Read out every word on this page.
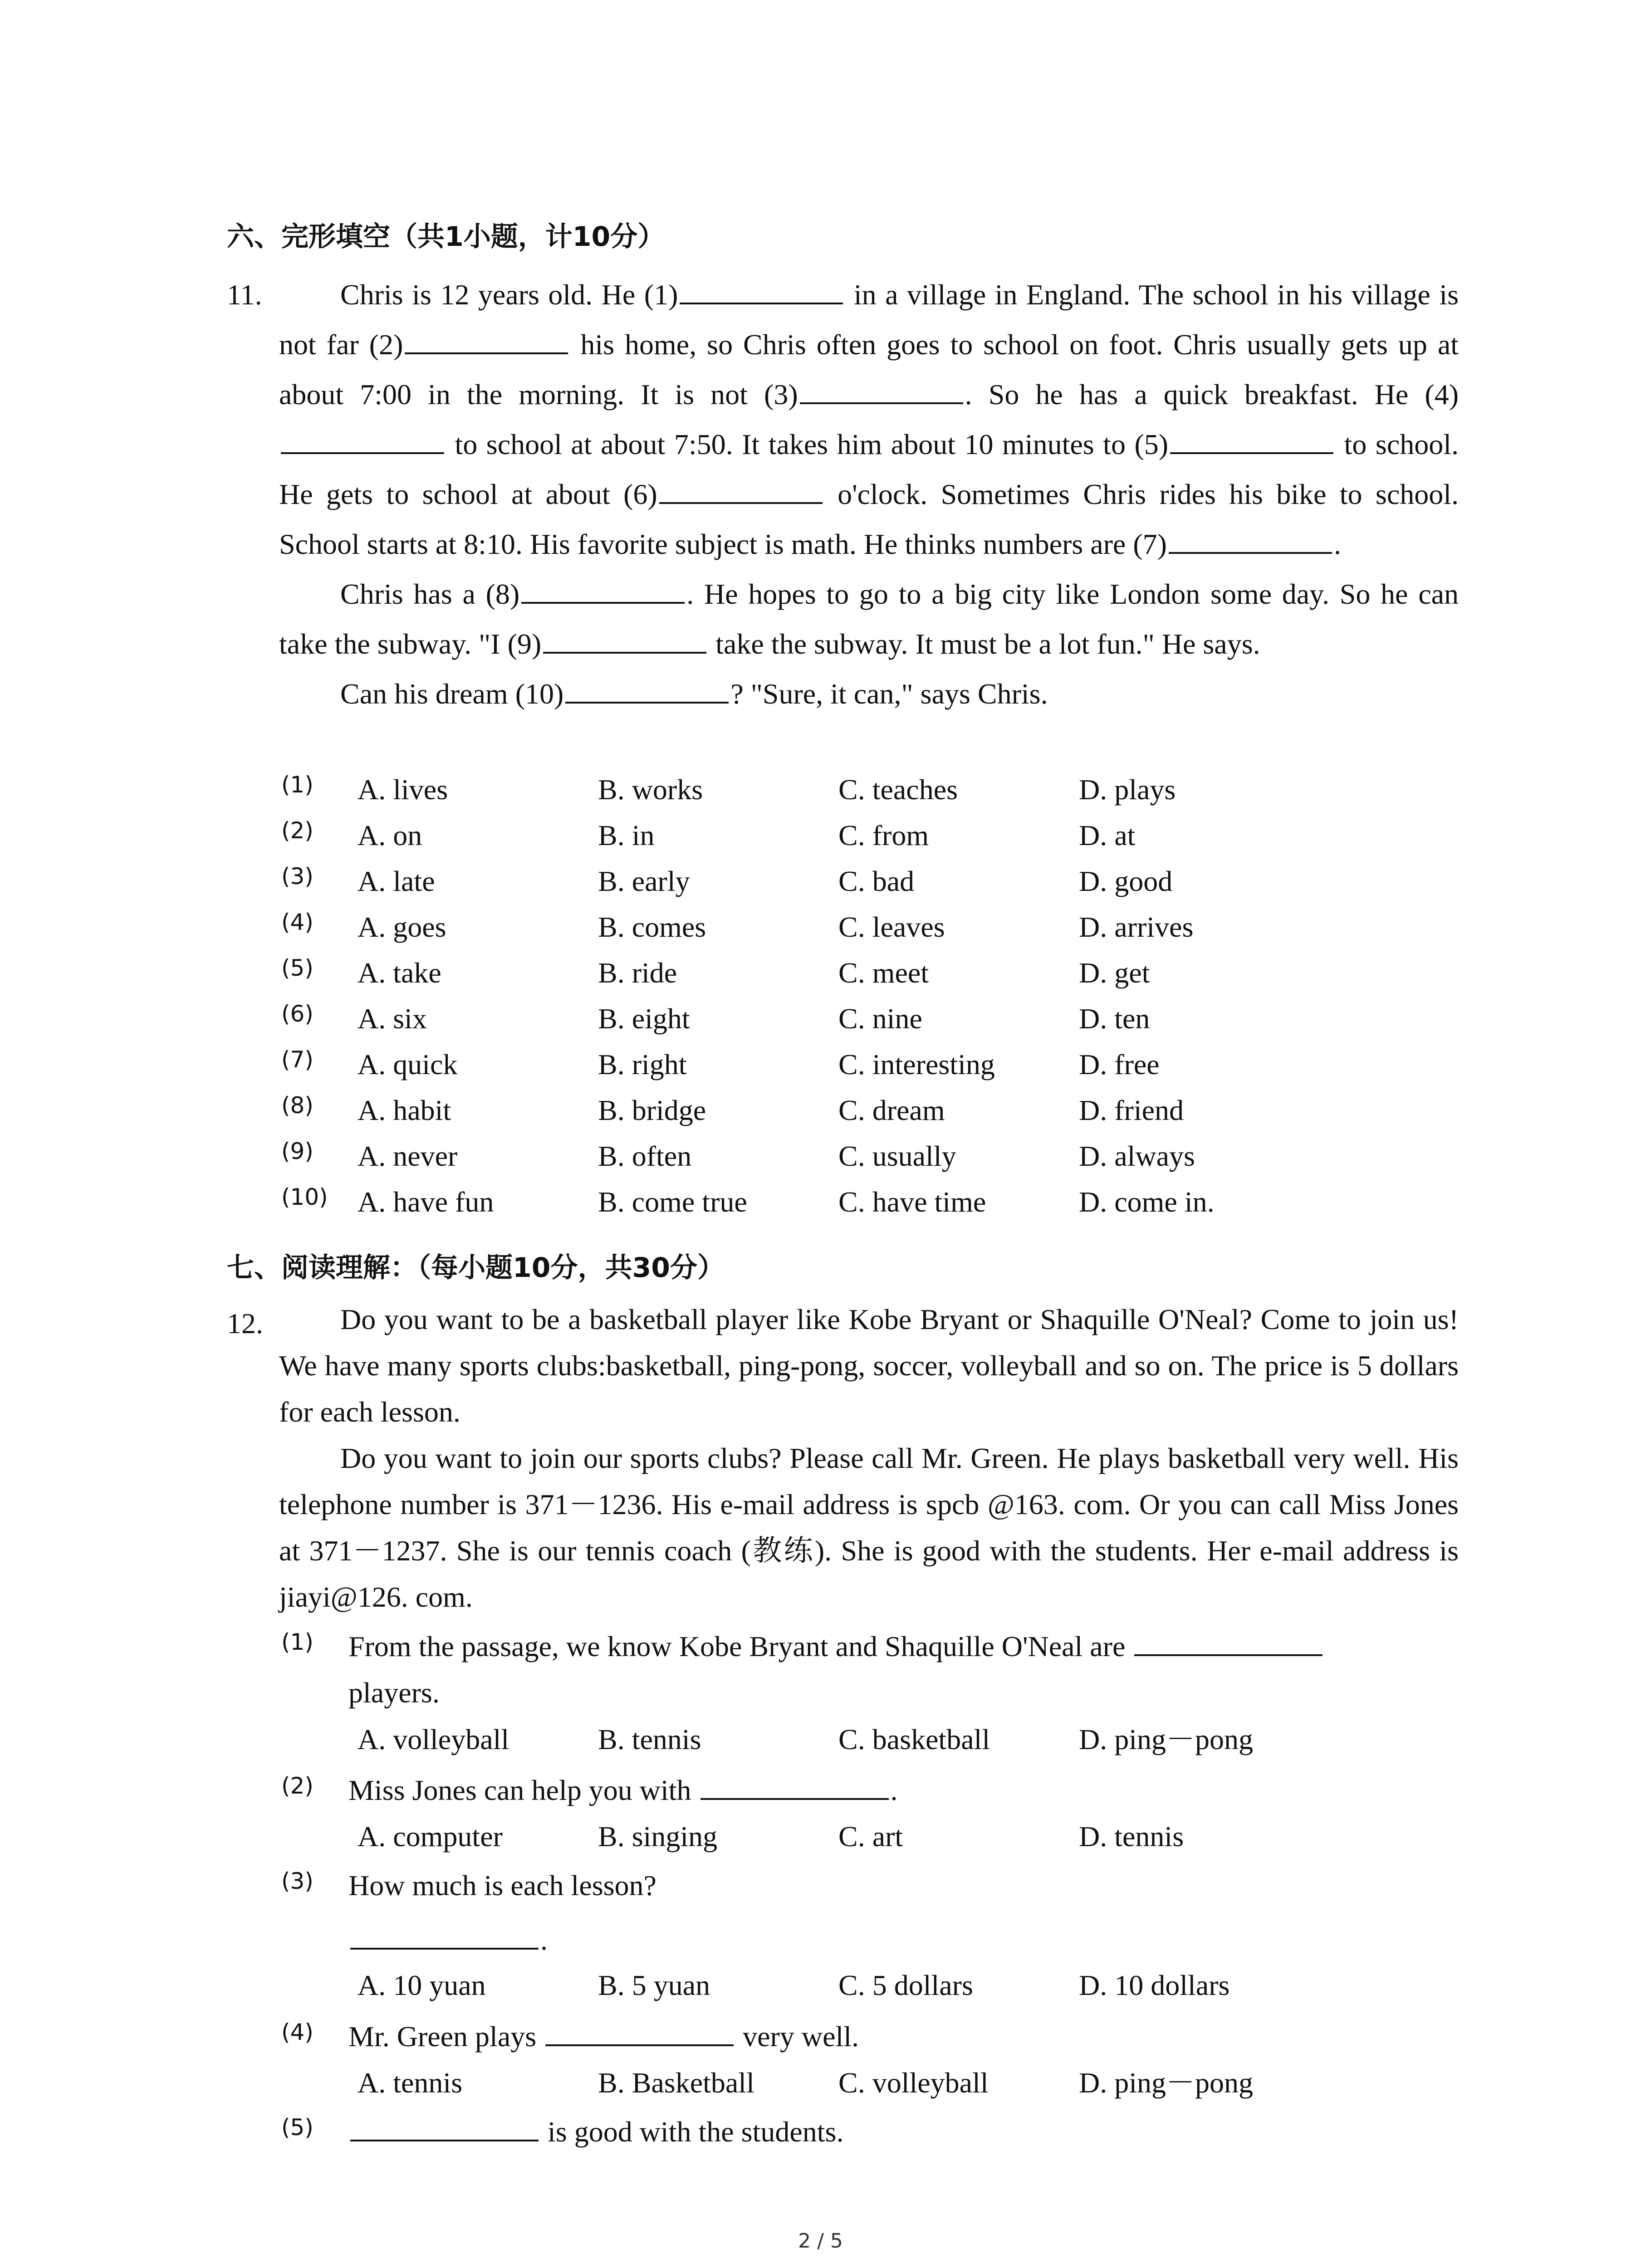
六、完形填空（共1小题，计10分）
11.	Chris is 12 years old. He (1)	in a village in England. The school in his village is not far (2)	his home, so Chris often goes to school on foot. Chris usually gets up at about 7:00 in the morning. It is not (3)	. So he has a quick breakfast. He (4) to school at about 7:50. It takes him about 10 minutes to (5)	to school. He gets to school at about (6)	o'clock. Sometimes Chris rides his bike to school. School starts at 8:10. His favorite subject is math. He thinks numbers are (7)	.

Chris has a (8)	. He hopes to go to a big city like London some day. So he can take the subway. "I (9)	take the subway. It must be a lot fun." He says.

Can his dream (10)	? "Sure, it can," says Chris.

(1) A. lives	B. works	C. teaches	D. plays
(2) A. on	B. in	C. from	D. at
(3) A. late	B. early	C. bad	D. good
(4) A. goes	B. comes	C. leaves	D. arrives
(5) A. take	B. ride	C. meet	D. get
(6) A. six	B. eight	C. nine	D. ten
(7) A. quick	B. right	C. interesting	D. free
(8) A. habit	B. bridge	C. dream	D. friend
(9) A. never	B. often	C. usually	D. always
(10) A. have fun	B. come true	C. have time	D. come in.
七、阅读理解：（每小题10分，共30分）
12.	Do you want to be a basketball player like Kobe Bryant or Shaquille O'Neal? Come to join us! We have many sports clubs:basketball, ping-pong, soccer, volleyball and so on. The price is 5 dollars for each lesson.

Do you want to join our sports clubs? Please call Mr. Green. He plays basketball very well. His telephone number is 371－1236. His e-mail address is spcb @163. com. Or you can call Miss Jones at 371－1237. She is our tennis coach (教练). She is good with the students. Her e-mail address is jiayi@126. com.

(1) From the passage, we know Kobe Bryant and Shaquille O'Neal are
players.
A. volleyball	B. tennis	C. basketball	D. ping－pong
(2) Miss Jones can help you with	.
A. computer	B. singing	C. art	D. tennis
(3) How much is each lesson?
.
A. 10 yuan	B. 5 yuan	C. 5 dollars	D. 10 dollars
(4) Mr. Green plays	very well.
A. tennis	B. Basketball	C. volleyball	D. ping－pong
(5)	is good with the students.
2 / 5
